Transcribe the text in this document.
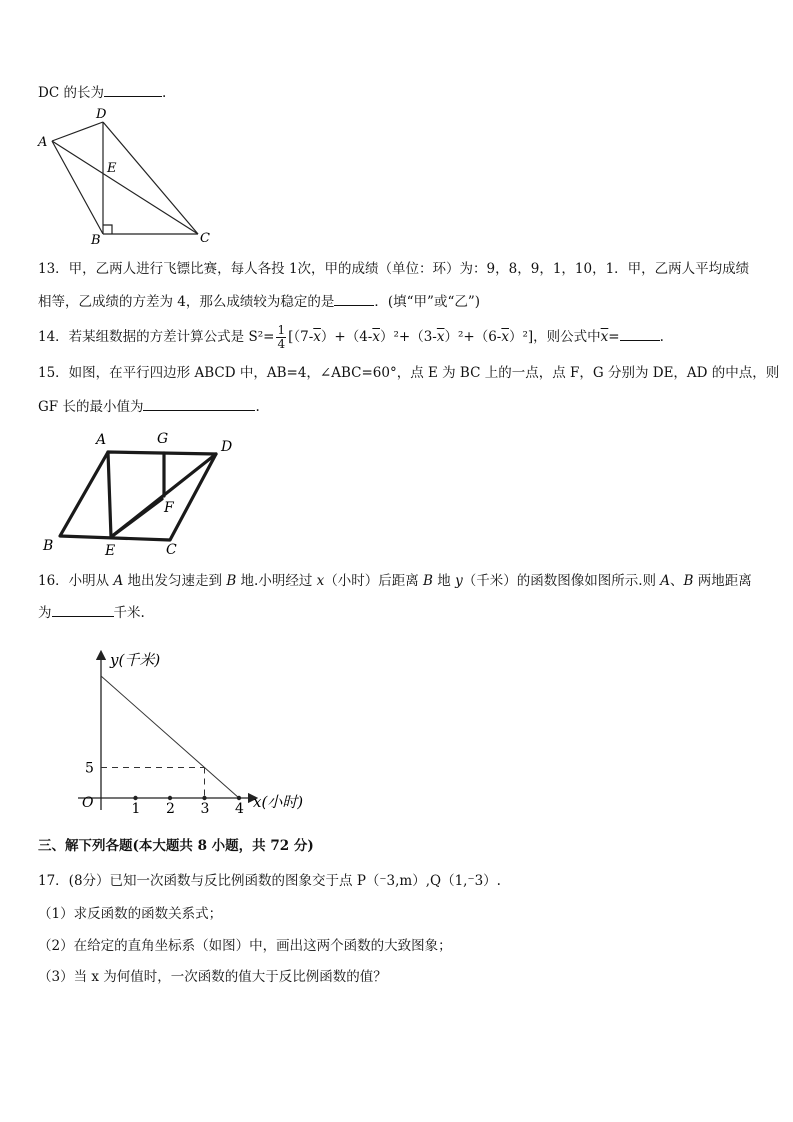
DC 的长为	.
A
D
E
B	C
13．甲，乙两人进行飞镖比赛，每人各投 1次，甲的成绩（单位：环）为：9，8，9，1，10，1．甲，乙两人平均成绩
相等，乙成绩的方差为 4，那么成绩较为稳定的是	．(填“甲”或“乙”)
14．若某组数据的方差计算公式是 $S^2= \frac{1}{4} [(7-\overline{x})+(4-\overline{x})^2+(3-\overline{x})^2+(6-\overline{x})^2]$，则公式中$\overline{x}=$	.
15．如图，在平行四边形 ABCD 中，AB=4，∠ABC=60°，点 E 为 BC 上的一点，点 F，G 分别为 DE，AD 的中点，则
GF 长的最小值为	.
A	G	D
F
B	E	C
16．小明从 A 地出发匀速走到 B 地.小明经过 x（小时）后距离 B 地 y（千米）的函数图像如图所示.则 A、B 两地距离
为	千米.
y(千米)
x(小时)
O	1 2 3 4
5
三、解下列各题(本大题共 8 小题，共 72 分)
17．(8分）已知一次函数与反比例函数的图象交于点 P（⁻3,m）,Q（1,⁻3）.
（1）求反函数的函数关系式；
（2）在给定的直角坐标系（如图）中，画出这两个函数的大致图象；
（3）当 x 为何值时，一次函数的值大于反比例函数的值？
